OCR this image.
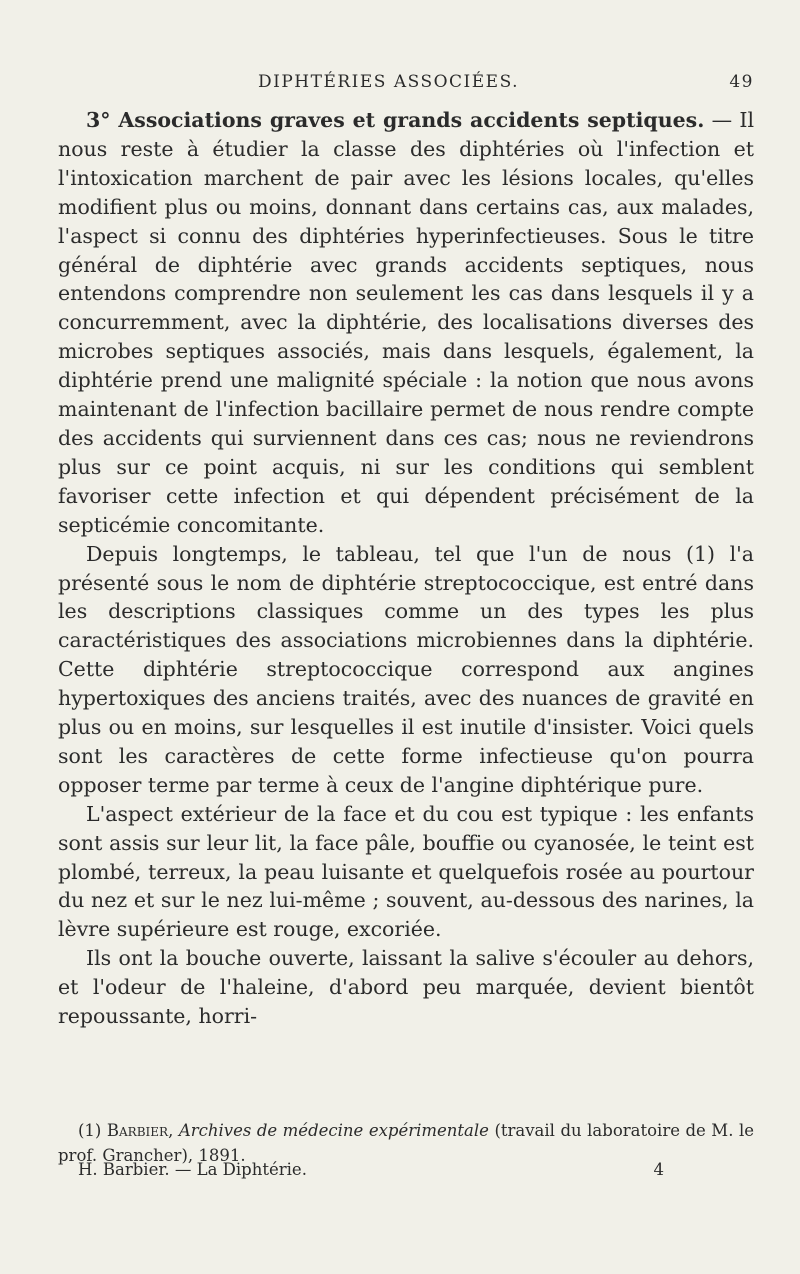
DIPHTÉRIES ASSOCIÉES.	49

3° Associations graves et grands accidents septiques. — Il nous reste à étudier la classe des diphtéries où l'infection et l'intoxication marchent de pair avec les lésions locales, qu'elles modifient plus ou moins, donnant dans certains cas, aux malades, l'aspect si connu des diphtéries hyperinfectieuses. Sous le titre général de diphtérie avec grands accidents septiques, nous entendons comprendre non seulement les cas dans lesquels il y a concurremment, avec la diphtérie, des localisations diverses des microbes septiques associés, mais dans lesquels, également, la diphtérie prend une malignité spéciale : la notion que nous avons maintenant de l'infection bacillaire permet de nous rendre compte des accidents qui surviennent dans ces cas; nous ne reviendrons plus sur ce point acquis, ni sur les conditions qui semblent favoriser cette infection et qui dépendent précisément de la septicémie concomitante.

Depuis longtemps, le tableau, tel que l'un de nous (1) l'a présenté sous le nom de diphtérie streptococcique, est entré dans les descriptions classiques comme un des types les plus caractéristiques des associations microbiennes dans la diphtérie. Cette diphtérie streptococcique correspond aux angines hypertoxiques des anciens traités, avec des nuances de gravité en plus ou en moins, sur lesquelles il est inutile d'insister. Voici quels sont les caractères de cette forme infectieuse qu'on pourra opposer terme par terme à ceux de l'angine diphtérique pure.

L'aspect extérieur de la face et du cou est typique : les enfants sont assis sur leur lit, la face pâle, bouffie ou cyanosée, le teint est plombé, terreux, la peau luisante et quelquefois rosée au pourtour du nez et sur le nez lui-même ; souvent, au-dessous des narines, la lèvre supérieure est rouge, excoriée.

Ils ont la bouche ouverte, laissant la salive s'écouler au dehors, et l'odeur de l'haleine, d'abord peu marquée, devient bientôt repoussante, horri-

(1) Barbier, Archives de médecine expérimentale (travail du laboratoire de M. le prof. Grancher), 1891.

H. Barbier. — La Diphtérie.	4
